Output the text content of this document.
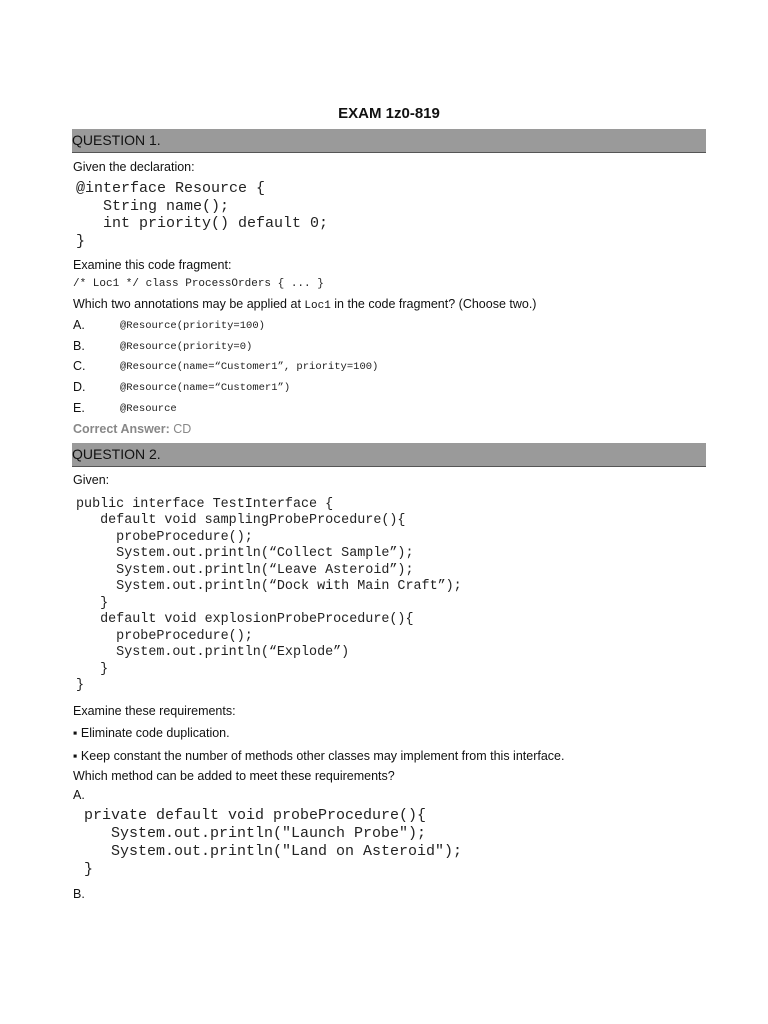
EXAM 1z0-819

QUESTION 1.

Given the declaration:

@interface Resource {

String name();

int priority() default 0;

}

Examine this code fragment:

/* Loc1 */ class ProcessOrders { ... }

Which two annotations may be applied at Loc1 in the code fragment? (Choose two.)

A.	@Resource(priority=100)

B.	@Resource(priority=0)

C.	@Resource(name=“Customer1”, priority=100)

D.	@Resource(name=“Customer1”)

E.	@Resource

Correct Answer: CD

QUESTION 2.

Given:

public interface TestInterface {

default void samplingProbeProcedure(){

probeProcedure();

System.out.println(“Collect Sample”);

System.out.println(“Leave Asteroid”);

System.out.println(“Dock with Main Craft”);

}

default void explosionProbeProcedure(){

probeProcedure();

System.out.println(“Explode”)

}

}

Examine these requirements:

▪ Eliminate code duplication.

▪ Keep constant the number of methods other classes may implement from this interface.

Which method can be added to meet these requirements?

A.

private default void probeProcedure(){

System.out.println("Launch Probe");

System.out.println("Land on Asteroid");

}

B.
